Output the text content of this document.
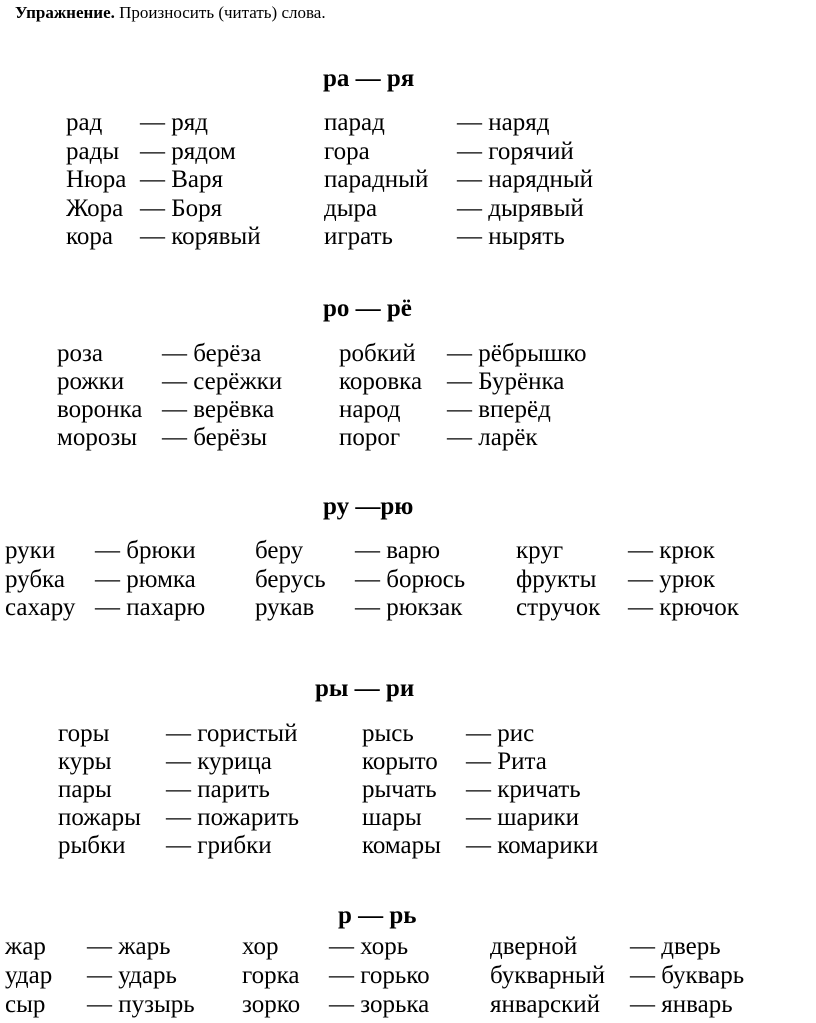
Упражнение. Произносить (читать) слова.
ра — ря
рад — ряд	парад	— наряд
рады — рядом	гора	— горячий
Нюра — Варя	парадный — нарядный
Жора — Боря	дыра	— дырявый
кора — корявый	играть	— нырять
ро — рё
роза — берёза	робкий — рёбрышко
рожки — серёжки коровка — Бурёнка
воронка — верёвка	народ — вперёд
морозы — берёзы	порог — ларёк
ру —рю
руки — брюки беру — варю	круг	— крюк
рубка — рюмка берусь — борюсь фрукты — урюк
сахару — пахарю рукав — рюкзак стручок — крючок
ры — ри
горы — гористый	рысь — рис
куры — курица	корыто — Рита
пары — парить	рычать — кричать
пожары — пожарить	шары — шарики
рыбки — грибки	комары — комарики
р — рь
жар — жарь	хор — хорь	дверной — дверь
удар — ударь	горка — горько букварный — букварь
сыр — пузырь зорко — зорька январский — январь
